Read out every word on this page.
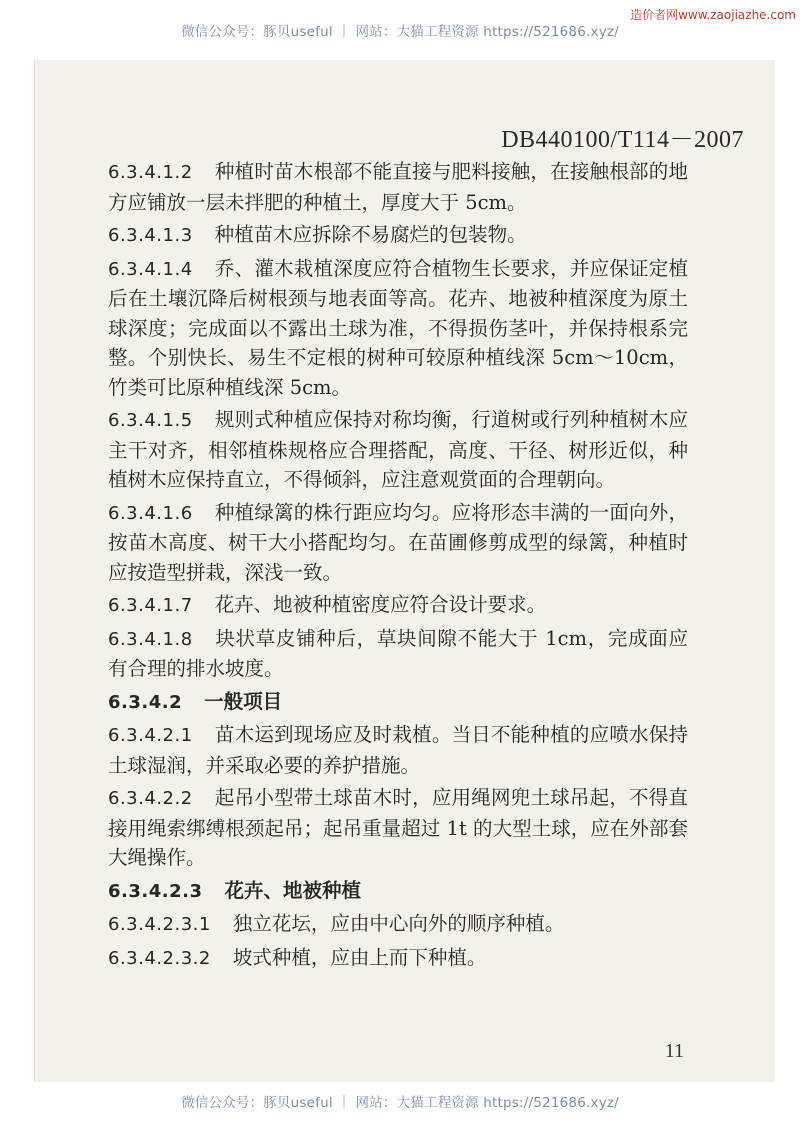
微信公众号：豚贝useful ｜ 网站：大猫工程资源 https://521686.xyz/
造价者网www.zaojiazhe.com
DB440100/T114－2007

6.3.4.1.2 种植时苗木根部不能直接与肥料接触，在接触根部的地方应铺放一层未拌肥的种植土，厚度大于 5cm。

6.3.4.1.3 种植苗木应拆除不易腐烂的包装物。

6.3.4.1.4 乔、灌木栽植深度应符合植物生长要求，并应保证定植后在土壤沉降后树根颈与地表面等高。花卉、地被种植深度为原土球深度；完成面以不露出土球为准，不得损伤茎叶，并保持根系完整。个别快长、易生不定根的树种可较原种植线深 5cm～10cm，竹类可比原种植线深 5cm。

6.3.4.1.5 规则式种植应保持对称均衡，行道树或行列种植树木应主干对齐，相邻植株规格应合理搭配，高度、干径、树形近似，种植树木应保持直立，不得倾斜，应注意观赏面的合理朝向。

6.3.4.1.6 种植绿篱的株行距应均匀。应将形态丰满的一面向外，按苗木高度、树干大小搭配均匀。在苗圃修剪成型的绿篱，种植时应按造型拼栽，深浅一致。

6.3.4.1.7 花卉、地被种植密度应符合设计要求。

6.3.4.1.8 块状草皮铺种后，草块间隙不能大于 1cm，完成面应有合理的排水坡度。

6.3.4.2 一般项目

6.3.4.2.1 苗木运到现场应及时栽植。当日不能种植的应喷水保持土球湿润，并采取必要的养护措施。

6.3.4.2.2 起吊小型带土球苗木时，应用绳网兜土球吊起，不得直接用绳索绑缚根颈起吊；起吊重量超过 1t 的大型土球，应在外部套大绳操作。

6.3.4.2.3 花卉、地被种植

6.3.4.2.3.1 独立花坛，应由中心向外的顺序种植。

6.3.4.2.3.2 坡式种植，应由上而下种植。

11
微信公众号：豚贝useful ｜ 网站：大猫工程资源 https://521686.xyz/
